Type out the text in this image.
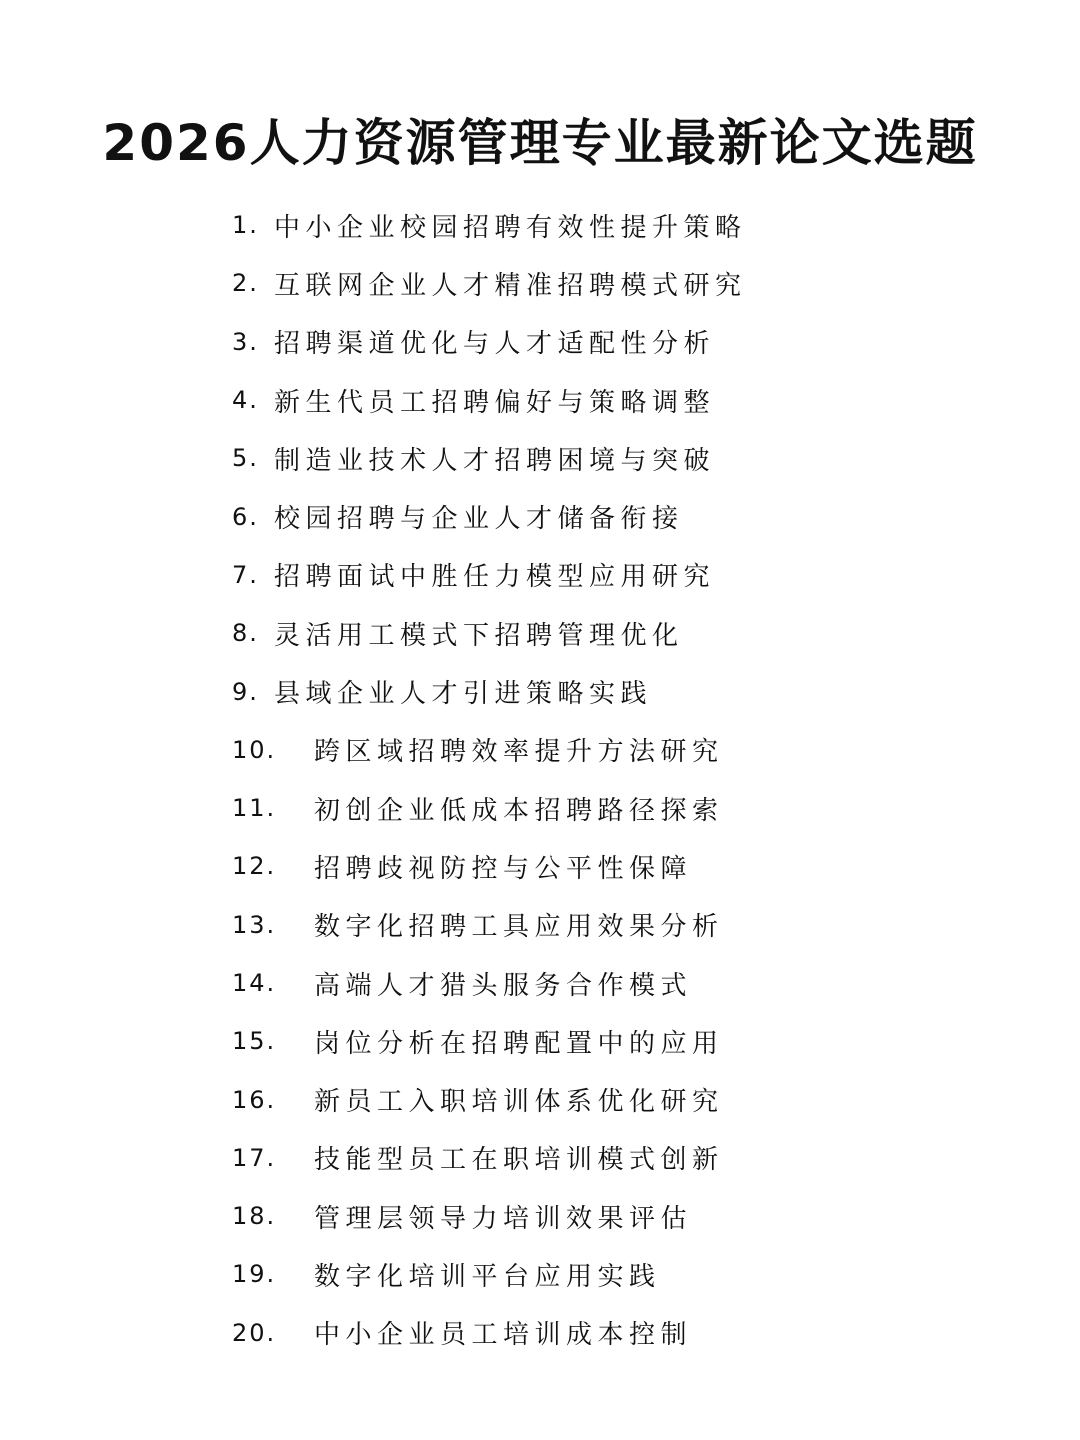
2026人力资源管理专业最新论文选题
1. 中小企业校园招聘有效性提升策略
2. 互联网企业人才精准招聘模式研究
3. 招聘渠道优化与人才适配性分析
4. 新生代员工招聘偏好与策略调整
5. 制造业技术人才招聘困境与突破
6. 校园招聘与企业人才储备衔接
7. 招聘面试中胜任力模型应用研究
8. 灵活用工模式下招聘管理优化
9. 县域企业人才引进策略实践
10.	跨区域招聘效率提升方法研究
11.	初创企业低成本招聘路径探索
12.	招聘歧视防控与公平性保障
13.	数字化招聘工具应用效果分析
14.	高端人才猎头服务合作模式
15.	岗位分析在招聘配置中的应用
16.	新员工入职培训体系优化研究
17.	技能型员工在职培训模式创新
18.	管理层领导力培训效果评估
19.	数字化培训平台应用实践
20.	中小企业员工培训成本控制
